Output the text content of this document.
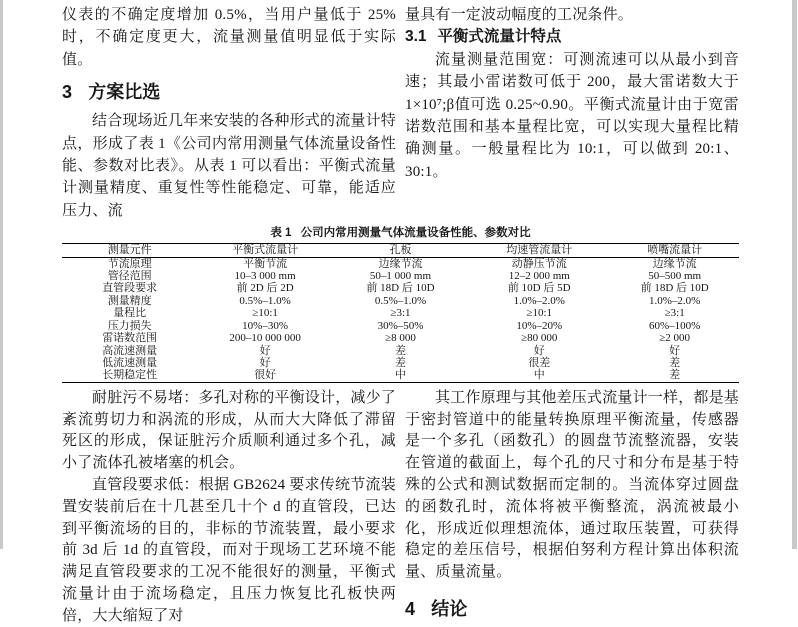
仪表的不确定度增加 0.5%，当用户量低于 25%时，不确定度更大，流量测量值明显低于实际值。

3 方案比选

结合现场近几年来安装的各种形式的流量计特点，形成了表 1《公司内常用测量气体流量设备性能、参数对比表》。从表 1 可以看出：平衡式流量计测量精度、重复性等性能稳定、可靠，能适应压力、流

量具有一定波动幅度的工况条件。

3.1 平衡式流量计特点

流量测量范围宽：可测流速可以从最小到音速；其最小雷诺数可低于 200，最大雷诺数大于 1×10⁷;β值可选 0.25~0.90。平衡式流量计由于宽雷诺数范围和基本量程比宽，可以实现大量程比精确测量。一般量程比为 10:1，可以做到 20:1、30:1。

表 1 公司内常用测量气体流量设备性能、参数对比
测量元件	平衡式流量计	孔板	均速管流量计	喷嘴流量计
节流原理	平衡节流	边缘节流	动静压节流	边缘节流
管径范围	10–3 000 mm	50–1 000 mm	12–2 000 mm	50–500 mm
直管段要求	前 2D 后 2D	前 18D 后 10D	前 10D 后 5D	前 18D 后 10D
测量精度	0.5%–1.0%	0.5%–1.0%	1.0%–2.0%	1.0%–2.0%
量程比	≥10:1	≥3:1	≥10:1	≥3:1
压力损失	10%–30%	30%–50%	10%–20%	60%–100%
雷诺数范围	200–10 000 000	≥8 000	≥80 000	≥2 000
高流速测量	好	差	好	好
低流速测量	好	差	很差	差
长期稳定性	很好	中	中	差

耐脏污不易堵：多孔对称的平衡设计，减少了紊流剪切力和涡流的形成，从而大大降低了滞留死区的形成，保证脏污介质顺利通过多个孔，减小了流体孔被堵塞的机会。

直管段要求低：根据 GB2624 要求传统节流装置安装前后在十几甚至几十个 d 的直管段，已达到平衡流场的目的，非标的节流装置，最小要求前 3d 后 1d 的直管段，而对于现场工艺环境不能满足直管段要求的工况不能很好的测量，平衡式流量计由于流场稳定，且压力恢复比孔板快两倍，大大缩短了对

其工作原理与其他差压式流量计一样，都是基于密封管道中的能量转换原理平衡流量，传感器是一个多孔（函数孔）的圆盘节流整流器，安装在管道的截面上，每个孔的尺寸和分布是基于特殊的公式和测试数据而定制的。当流体穿过圆盘的函数孔时，流体将被平衡整流，涡流被最小化，形成近似理想流体，通过取压装置，可获得稳定的差压信号，根据伯努利方程计算出体积流量、质量流量。

4 结论
